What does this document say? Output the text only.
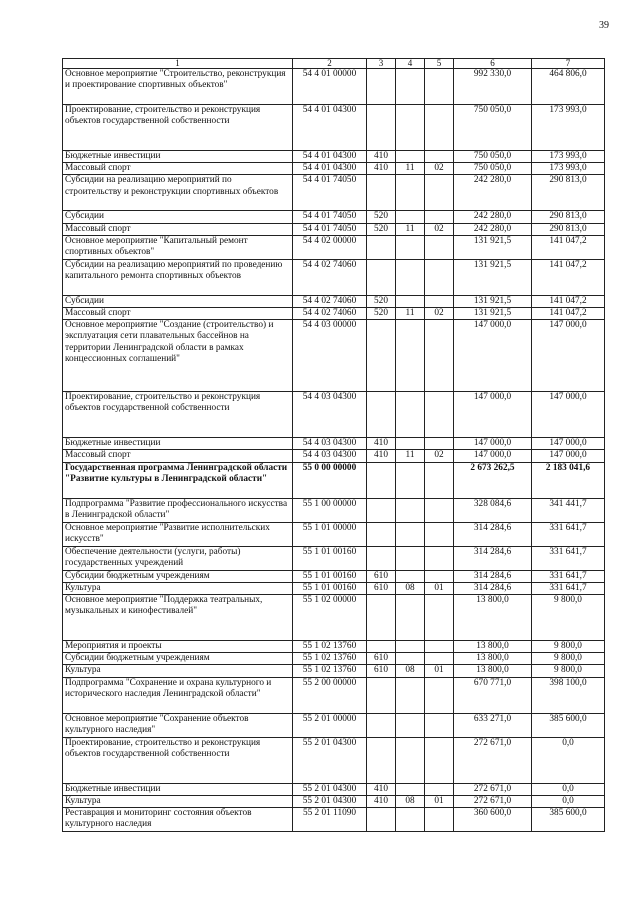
39
1	2	3	4	5	6	7
Основное мероприятие "Строительство, реконструкция и проектирование спортивных объектов"	54 4 01 00000				992 330,0	464 806,0
Проектирование, строительство и реконструкция объектов государственной собственности	54 4 01 04300				750 050,0	173 993,0
Бюджетные инвестиции	54 4 01 04300	410			750 050,0	173 993,0
Массовый спорт	54 4 01 04300	410	11	02	750 050,0	173 993,0
Субсидии на реализацию мероприятий по строительству и реконструкции спортивных объектов	54 4 01 74050				242 280,0	290 813,0
Субсидии	54 4 01 74050	520			242 280,0	290 813,0
Массовый спорт	54 4 01 74050	520	11	02	242 280,0	290 813,0
Основное мероприятие "Капитальный ремонт спортивных объектов"	54 4 02 00000				131 921,5	141 047,2
Субсидии на реализацию мероприятий по проведению капитального ремонта спортивных объектов	54 4 02 74060				131 921,5	141 047,2
Субсидии	54 4 02 74060	520			131 921,5	141 047,2
Массовый спорт	54 4 02 74060	520	11	02	131 921,5	141 047,2
Основное мероприятие "Создание (строительство) и эксплуатация сети плавательных бассейнов на территории Ленинградской области в рамках концессионных соглашений"	54 4 03 00000				147 000,0	147 000,0
Проектирование, строительство и реконструкция объектов государственной собственности	54 4 03 04300				147 000,0	147 000,0
Бюджетные инвестиции	54 4 03 04300	410			147 000,0	147 000,0
Массовый спорт	54 4 03 04300	410	11	02	147 000,0	147 000,0
Государственная программа Ленинградской области "Развитие культуры в Ленинградской области"	55 0 00 00000				2 673 262,5	2 183 041,6
Подпрограмма "Развитие профессионального искусства в Ленинградской области"	55 1 00 00000				328 084,6	341 441,7
Основное мероприятие "Развитие исполнительских искусств"	55 1 01 00000				314 284,6	331 641,7
Обеспечение деятельности (услуги, работы) государственных учреждений	55 1 01 00160				314 284,6	331 641,7
Субсидии бюджетным учреждениям	55 1 01 00160	610			314 284,6	331 641,7
Культура	55 1 01 00160	610	08	01	314 284,6	331 641,7
Основное мероприятие "Поддержка театральных, музыкальных и кинофестивалей"	55 1 02 00000				13 800,0	9 800,0
Мероприятия и проекты	55 1 02 13760				13 800,0	9 800,0
Субсидии бюджетным учреждениям	55 1 02 13760	610			13 800,0	9 800,0
Культура	55 1 02 13760	610	08	01	13 800,0	9 800,0
Подпрограмма "Сохранение и охрана культурного и исторического наследия Ленинградской области"	55 2 00 00000				670 771,0	398 100,0
Основное мероприятие "Сохранение объектов культурного наследия"	55 2 01 00000				633 271,0	385 600,0
Проектирование, строительство и реконструкция объектов государственной собственности	55 2 01 04300				272 671,0	0,0
Бюджетные инвестиции	55 2 01 04300	410			272 671,0	0,0
Культура	55 2 01 04300	410	08	01	272 671,0	0,0
Реставрация и мониторинг состояния объектов культурного наследия	55 2 01 11090				360 600,0	385 600,0
